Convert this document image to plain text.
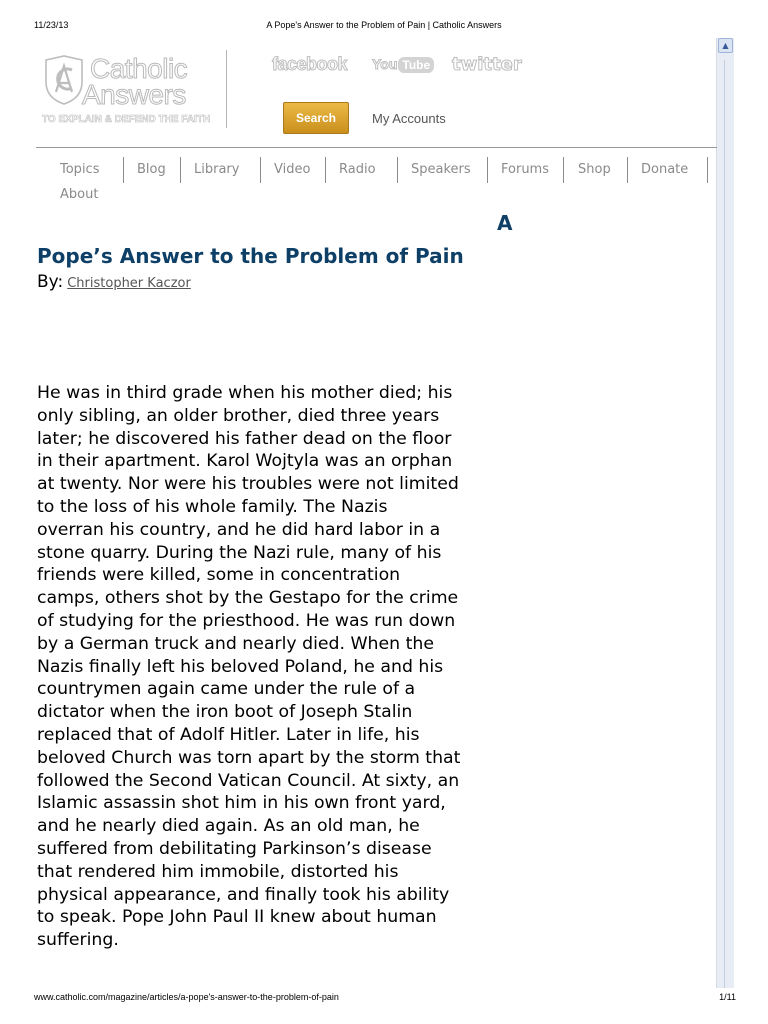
11/23/13	A Pope's Answer to the Problem of Pain | Catholic Answers
▲
Catholic
Answers
TO EXPLAIN & DEFEND THE FAITH
facebook You Tube twitter
Search	My Accounts
Topics	Blog Library	Video Radio	Speakers Forums Shop Donate
About
A
Pope’s Answer to the Problem of Pain
By: Christopher Kaczor
He was in third grade when his mother died; his
only sibling, an older brother, died three years
later; he discovered his father dead on the floor
in their apartment. Karol Wojtyla was an orphan
at twenty. Nor were his troubles were not limited
to the loss of his whole family. The Nazis
overran his country, and he did hard labor in a
stone quarry. During the Nazi rule, many of his
friends were killed, some in concentration
camps, others shot by the Gestapo for the crime
of studying for the priesthood. He was run down
by a German truck and nearly died. When the
Nazis finally left his beloved Poland, he and his
countrymen again came under the rule of a
dictator when the iron boot of Joseph Stalin
replaced that of Adolf Hitler. Later in life, his
beloved Church was torn apart by the storm that
followed the Second Vatican Council. At sixty, an
Islamic assassin shot him in his own front yard,
and he nearly died again. As an old man, he
suffered from debilitating Parkinson’s disease
that rendered him immobile, distorted his
physical appearance, and finally took his ability
to speak. Pope John Paul II knew about human
suffering.
www.catholic.com/magazine/articles/a-pope's-answer-to-the-problem-of-pain	1/11
